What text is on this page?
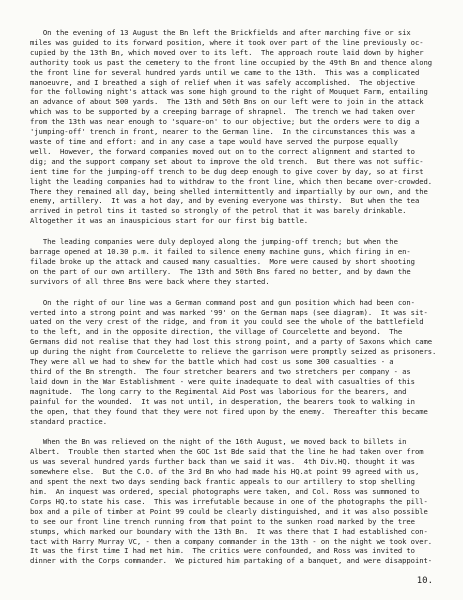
On the evening of 13 August the Bn left the Brickfields and after marching five or six
miles was guided to its forward position, where it took over part of the line previously oc-
cupied by the 13th Bn, which moved over to its left.  The approach route laid down by higher
authority took us past the cemetery to the front line occupied by the 49th Bn and thence along
the front line for several hundred yards until we came to the 13th.  This was a complicated
manoeuvre, and I breathed a sigh of relief when it was safely accomplished.  The objective
for the following night's attack was some high ground to the right of Mouquet Farm, entailing
an advance of about 500 yards.  The 13th and 50th Bns on our left were to join in the attack
which was to be supported by a creeping barrage of shrapnel.  The trench we had taken over
from the 13th was near enough to 'square-on' to our objective; but the orders were to dig a
'jumping-off' trench in front, nearer to the German line.  In the circumstances this was a
waste of time and effort: and in any case a tape would have served the purpose equally
well.  However, the forward companies moved out on to the correct alignment and started to
dig; and the support company set about to improve the old trench.  But there was not suffic-
ient time for the jumping-off trench to be dug deep enough to give cover by day, so at first
light the leading companies had to withdraw to the front line, which then became over-crowded.
There they remained all day, being shelled intermittently and impartially by our own, and the
enemy, artillery.  It was a hot day, and by evening everyone was thirsty.  But when the tea
arrived in petrol tins it tasted so strongly of the petrol that it was barely drinkable.
Altogether it was an inauspicious start for our first big battle.
The leading companies were duly deployed along the jumping-off trench; but when the
barrage opened at 10.30 p.m. it failed to silence enemy machine guns, which firing in en-
filade broke up the attack and caused many casualties.  More were caused by short shooting
on the part of our own artillery.  The 13th and 50th Bns fared no better, and by dawn the
survivors of all three Bns were back where they started.
On the right of our line was a German command post and gun position which had been con-
verted into a strong point and was marked '99' on the German maps (see diagram).  It was sit-
uated on the very crest of the ridge, and from it you could see the whole of the battlefield
to the left, and in the opposite direction, the village of Courcelette and beyond.  The
Germans did not realise that they had lost this strong point, and a party of Saxons which came
up during the night from Courcelette to relieve the garrison were promptly seized as prisoners.
They were all we had to shew for the battle which had cost us some 300 casualties - a
third of the Bn strength.  The four stretcher bearers and two stretchers per company - as
laid down in the War Establishment - were quite inadequate to deal with casualties of this
magnitude.  The long carry to the Regimental Aid Post was laborious for the bearers, and
painful for the wounded.  It was not until, in desperation, the bearers took to walking in
the open, that they found that they were not fired upon by the enemy.  Thereafter this became
standard practice.
When the Bn was relieved on the night of the 16th August, we moved back to billets in
Albert.  Trouble then started when the GOC 1st Bde said that the line he had taken over from
us was several hundred yards further back than we said it was.  4th Div.HQ. thought it was
somewhere else.  But the C.O. of the 3rd Bn who had made his HQ.at point 99 agreed with us,
and spent the next two days sending back frantic appeals to our artillery to stop shelling
him.  An inquest was ordered, special photographs were taken, and Col. Ross was summoned to
Corps HQ.to state his case.  This was irrefutable because in one of the photographs the pill-
box and a pile of timber at Point 99 could be clearly distinguished, and it was also possible
to see our front line trench running from that point to the sunken road marked by the tree
stumps, which marked our boundary with the 13th Bn.  It was there that I had established con-
tact with Harry Murray VC, - then a company commander in the 13th - on the night we took over.
It was the first time I had met him.  The critics were confounded, and Ross was invited to
dinner with the Corps commander.  We pictured him partaking of a banquet, and were disappoint-
10.
